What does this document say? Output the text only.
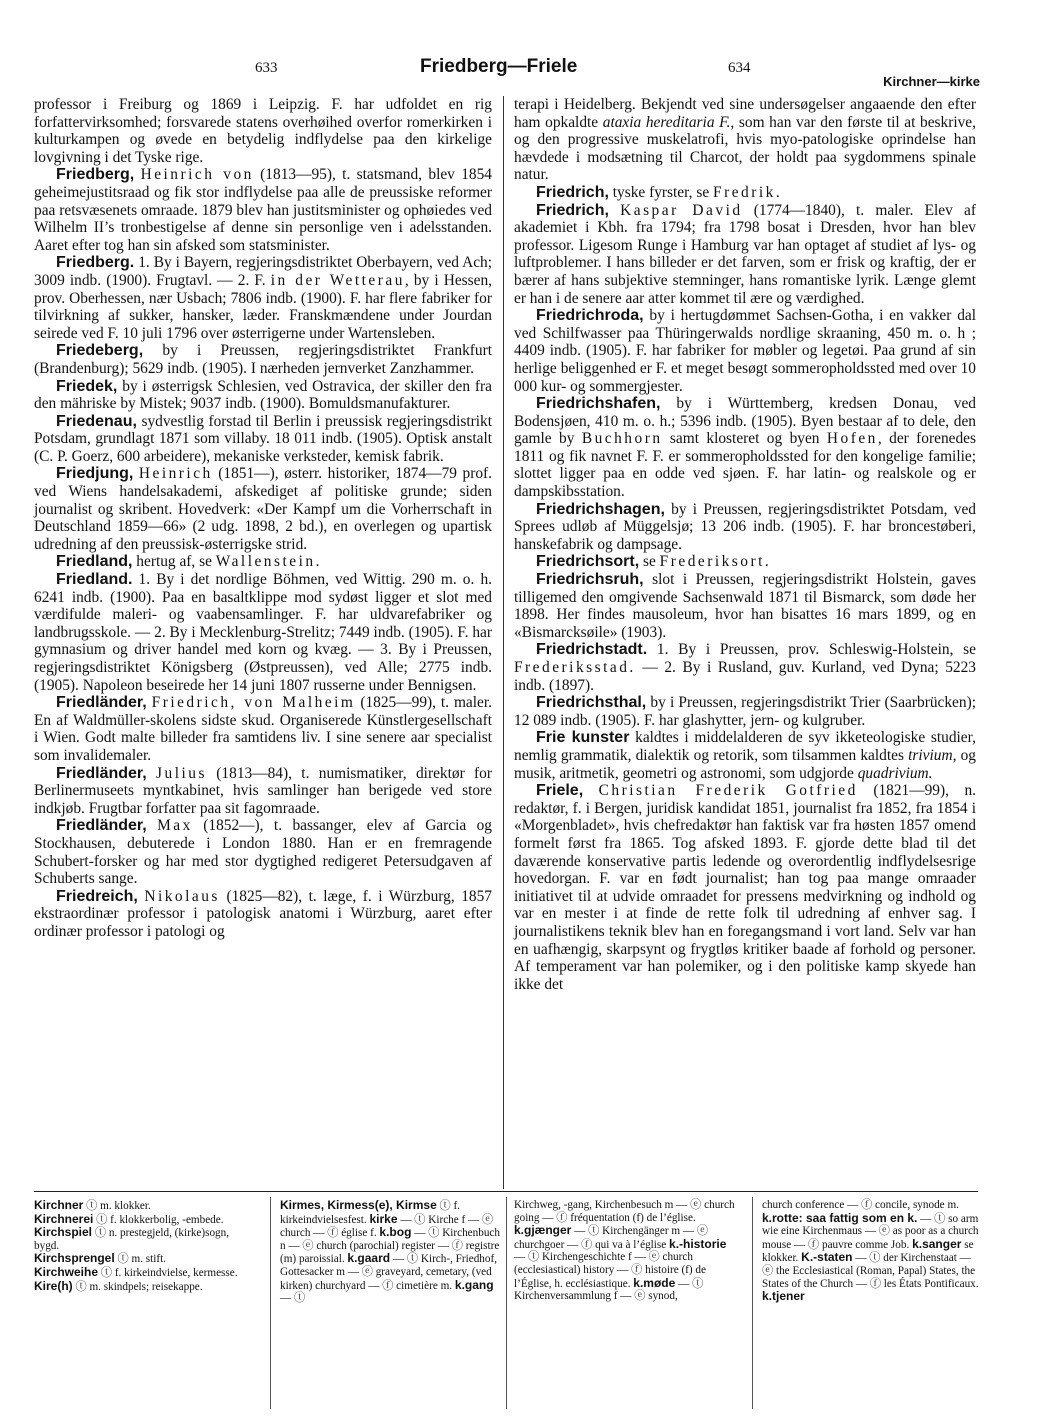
633	Friedberg—Friele	634
Kirchner—kirke

professor i Freiburg og 1869 i Leipzig. F. har udfoldet en rig forfattervirksomhed; forsvarede statens overhøihed overfor romerkirken i kulturkampen og øvede en betydelig indflydelse paa den kirkelige lovgivning i det Tyske rige.

Friedberg, Heinrich von (1813—95), t. statsmand, blev 1854 geheimejustitsraad og fik stor indflydelse paa alle de preussiske reformer paa retsvæsenets omraade. 1879 blev han justitsminister og ophøiedes ved Wilhelm II’s tronbestigelse af denne sin personlige ven i adelsstanden. Aaret efter tog han sin afsked som statsminister.

Friedberg. 1. By i Bayern, regjeringsdistriktet Oberbayern, ved Ach; 3009 indb. (1900). Frugtavl. — 2. F. in der Wetterau, by i Hessen, prov. Oberhessen, nær Usbach; 7806 indb. (1900). F. har flere fabriker for tilvirkning af sukker, hansker, læder. Franskmændene under Jourdan seirede ved F. 10 juli 1796 over østerrigerne under Wartensleben.

Friedeberg, by i Preussen, regjeringsdistriktet Frankfurt (Brandenburg); 5629 indb. (1905). I nærheden jernverket Zanzhammer.

Friedek, by i østerrigsk Schlesien, ved Ostravica, der skiller den fra den mähriske by Mistek; 9037 indb. (1900). Bomuldsmanufakturer.

Friedenau, sydvestlig forstad til Berlin i preussisk regjeringsdistrikt Potsdam, grundlagt 1871 som villaby. 18 011 indb. (1905). Optisk anstalt (C. P. Goerz, 600 arbeidere), mekaniske verksteder, kemisk fabrik.

Friedjung, Heinrich (1851—), østerr. historiker, 1874—79 prof. ved Wiens handelsakademi, afskediget af politiske grunde; siden journalist og skribent. Hovedverk: «Der Kampf um die Vorherrschaft in Deutschland 1859—66» (2 udg. 1898, 2 bd.), en overlegen og upartisk udredning af den preussisk-østerrigske strid.

Friedland, hertug af, se Wallenstein.

Friedland. 1. By i det nordlige Böhmen, ved Wittig. 290 m. o. h. 6241 indb. (1900). Paa en basaltklippe mod sydøst ligger et slot med værdifulde maleri- og vaabensamlinger. F. har uldvarefabriker og landbrugsskole. — 2. By i Mecklenburg-Strelitz; 7449 indb. (1905). F. har gymnasium og driver handel med korn og kvæg. — 3. By i Preussen, regjeringsdistriktet Königsberg (Østpreussen), ved Alle; 2775 indb. (1905). Napoleon beseirede her 14 juni 1807 russerne under Bennigsen.

Friedländer, Friedrich, von Malheim (1825—99), t. maler. En af Waldmüller-skolens sidste skud. Organiserede Künstlergesellschaft i Wien. Godt malte billeder fra samtidens liv. I sine senere aar specialist som invalidemaler.

Friedländer, Julius (1813—84), t. numismatiker, direktør for Berlinermuseets myntkabinet, hvis samlinger han berigede ved store indkjøb. Frugtbar forfatter paa sit fagomraade.

Friedländer, Max (1852—), t. bassanger, elev af Garcia og Stockhausen, debuterede i London 1880. Han er en fremragende Schubert-forsker og har med stor dygtighed redigeret Petersudgaven af Schuberts sange.

Friedreich, Nikolaus (1825—82), t. læge, f. i Würzburg, 1857 ekstraordinær professor i patologisk anatomi i Würzburg, aaret efter ordinær professor i patologi og

terapi i Heidelberg. Bekjendt ved sine undersøgelser angaaende den efter ham opkaldte ataxia hereditaria F., som han var den første til at beskrive, og den progressive muskelatrofi, hvis myo-patologiske oprindelse han hævdede i modsætning til Charcot, der holdt paa sygdommens spinale natur.

Friedrich, tyske fyrster, se Fredrik.

Friedrich, Kaspar David (1774—1840), t. maler. Elev af akademiet i Kbh. fra 1794; fra 1798 bosat i Dresden, hvor han blev professor. Ligesom Runge i Hamburg var han optaget af studiet af lys- og luftproblemer. I hans billeder er det farven, som er frisk og kraftig, der er bærer af hans subjektive stemninger, hans romantiske lyrik. Længe glemt er han i de senere aar atter kommet til ære og værdighed.

Friedrichroda, by i hertugdømmet Sachsen-Gotha, i en vakker dal ved Schilfwasser paa Thüringerwalds nordlige skraaning, 450 m. o. h ; 4409 indb. (1905). F. har fabriker for møbler og legetøi. Paa grund af sin herlige beliggenhed er F. et meget besøgt sommeropholdssted med over 10 000 kur- og sommergjester.

Friedrichshafen, by i Württemberg, kredsen Donau, ved Bodensjøen, 410 m. o. h.; 5396 indb. (1905). Byen bestaar af to dele, den gamle by Buchhorn samt klosteret og byen Hofen, der forenedes 1811 og fik navnet F. F. er sommeropholdssted for den kongelige familie; slottet ligger paa en odde ved sjøen. F. har latin- og realskole og er dampskibsstation.

Friedrichshagen, by i Preussen, regjeringsdistriktet Potsdam, ved Sprees udløb af Müggelsjø; 13 206 indb. (1905). F. har broncestøberi, hanskefabrik og dampsage.

Friedrichsort, se Frederiksort.

Friedrichsruh, slot i Preussen, regjeringsdistrikt Holstein, gaves tilligemed den omgivende Sachsenwald 1871 til Bismarck, som døde her 1898. Her findes mausoleum, hvor han bisattes 16 mars 1899, og en «Bismarcksøile» (1903).

Friedrichstadt. 1. By i Preussen, prov. Schleswig-Holstein, se Frederiksstad. — 2. By i Rusland, guv. Kurland, ved Dyna; 5223 indb. (1897).

Friedrichsthal, by i Preussen, regjeringsdistrikt Trier (Saarbrücken); 12 089 indb. (1905). F. har glashytter, jern- og kulgruber.

Frie kunster kaldtes i middelalderen de syv ikketeologiske studier, nemlig grammatik, dialektik og retorik, som tilsammen kaldtes trivium, og musik, aritmetik, geometri og astronomi, som udgjorde quadrivium.

Friele, Christian Frederik Gotfried (1821—99), n. redaktør, f. i Bergen, juridisk kandidat 1851, journalist fra 1852, fra 1854 i «Morgenbladet», hvis chefredaktør han faktisk var fra høsten 1857 omend formelt først fra 1865. Tog afsked 1893. F. gjorde dette blad til det daværende konservative partis ledende og overordentlig indflydelsesrige hovedorgan. F. var en født journalist; han tog paa mange omraader initiativet til at udvide omraadet for pressens medvirkning og indhold og var en mester i at finde de rette folk til udredning af enhver sag. I journalistikens teknik blev han en foregangsmand i vort land. Selv var han en uafhængig, skarpsynt og frygtløs kritiker baade af forhold og personer. Af temperament var han polemiker, og i den politiske kamp skyede han ikke det

Kirchner ⓣ m. klokker.

Kirchnerei ⓣ f. klokkerbolig, -embede.

Kirchspiel ⓣ n. prestegjeld, (kirke)sogn, bygd.

Kirchsprengel ⓣ m. stift.

Kirchweihe ⓣ f. kirkeindvielse, kermesse.

Kire(h) ⓣ m. skindpels; reisekappe.

Kirmes, Kirmess(e), Kirmse ⓣ f. kirkeindvielsesfest. kirke — ⓣ Kirche f — ⓔ church — ⓕ église f. k.bog — ⓣ Kirchenbuch n — ⓔ church (parochial) register — ⓕ registre (m) paroissial. k.gaard — ⓣ Kirch-, Friedhof, Gottesacker m — ⓔ graveyard, cemetary, (ved kirken) churchyard — ⓕ cimetière m. k.gang — ⓣ

Kirchweg, -gang, Kirchenbesuch m — ⓔ church going — ⓕ fréquentation (f) de l’église. k.gjænger — ⓣ Kirchengänger m — ⓔ churchgoer — ⓕ qui va à l’église k.-historie — ⓣ Kirchengeschichte f — ⓔ church (ecclesiastical) history — ⓕ histoire (f) de l’Église, h. ecclésiastique. k.møde — ⓣ Kirchenversammlung f — ⓔ synod,

church conference — ⓕ concile, synode m. k.rotte: saa fattig som en k. — ⓣ so arm wie eine Kirchenmaus — ⓔ as poor as a church mouse — ⓕ pauvre comme Job. k.sanger se klokker. K.-staten — ⓣ der Kirchenstaat — ⓔ the Ecclesiastical (Roman, Papal) States, the States of the Church — ⓕ les États Pontificaux. k.tjener
